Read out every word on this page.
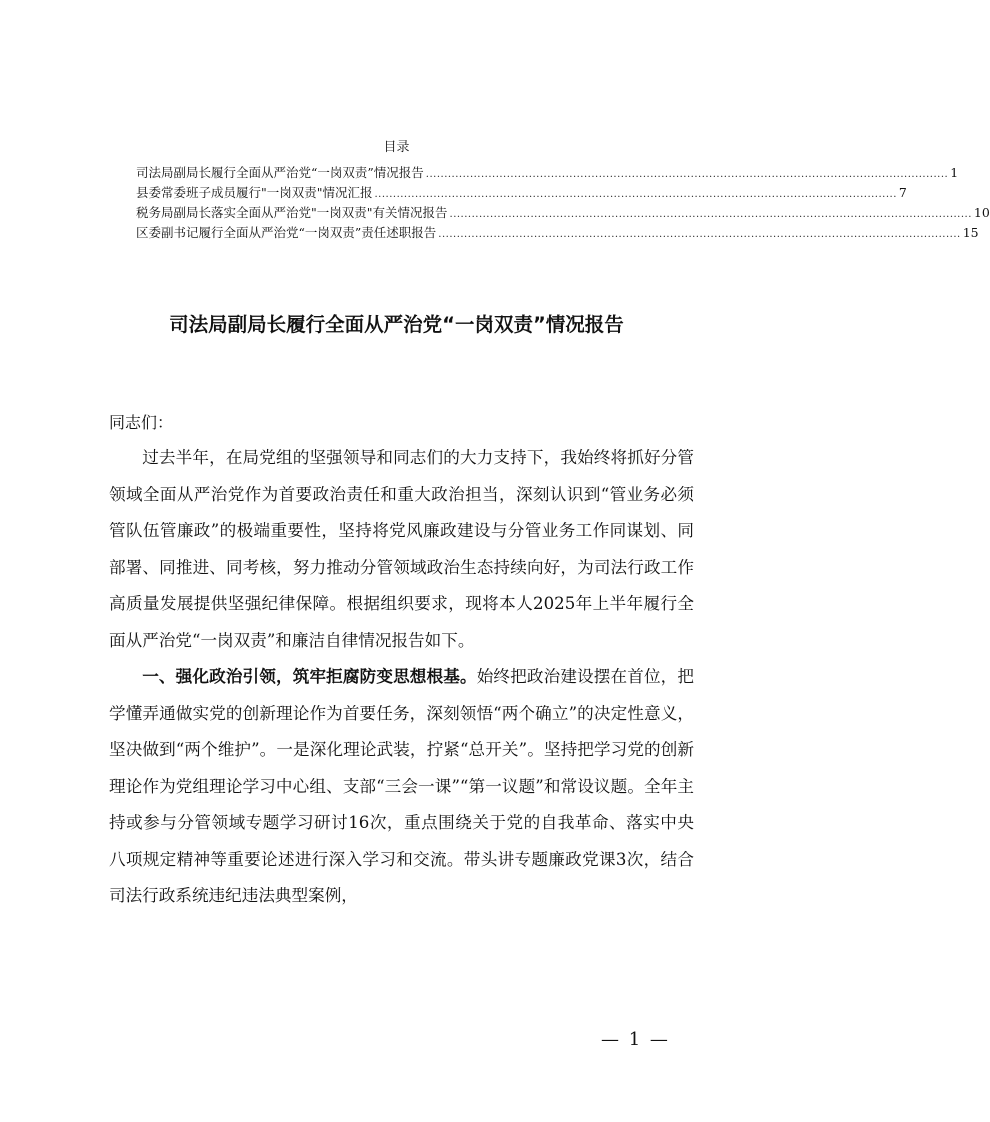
目录
司法局副局长履行全面从严治党“一岗双责”情况报告 .............................................................................................................................................. 1
县委常委班子成员履行"一岗双责"情况汇报 .............................................................................................................................................. 7
税务局副局长落实全面从严治党"一岗双责"有关情况报告 .............................................................................................................................................. 10
区委副书记履行全面从严治党“一岗双责”责任述职报告 .............................................................................................................................................. 15
司法局副局长履行全面从严治党“一岗双责”情况报告
同志们：

过去半年，在局党组的坚强领导和同志们的大力支持下，我始终将抓好分管领域全面从严治党作为首要政治责任和重大政治担当，深刻认识到“管业务必须管队伍管廉政”的极端重要性，坚持将党风廉政建设与分管业务工作同谋划、同部署、同推进、同考核，努力推动分管领域政治生态持续向好，为司法行政工作高质量发展提供坚强纪律保障。根据组织要求，现将本人2025年上半年履行全面从严治党“一岗双责”和廉洁自律情况报告如下。

一、强化政治引领，筑牢拒腐防变思想根基。始终把政治建设摆在首位，把学懂弄通做实党的创新理论作为首要任务，深刻领悟“两个确立”的决定性意义，坚决做到“两个维护”。一是深化理论武装，拧紧“总开关”。坚持把学习党的创新理论作为党组理论学习中心组、支部“三会一课”“第一议题”和常设议题。全年主持或参与分管领域专题学习研讨16次，重点围绕关于党的自我革命、落实中央八项规定精神等重要论述进行深入学习和交流。带头讲专题廉政党课3次，结合司法行政系统违纪违法典型案例，

— 1 —
